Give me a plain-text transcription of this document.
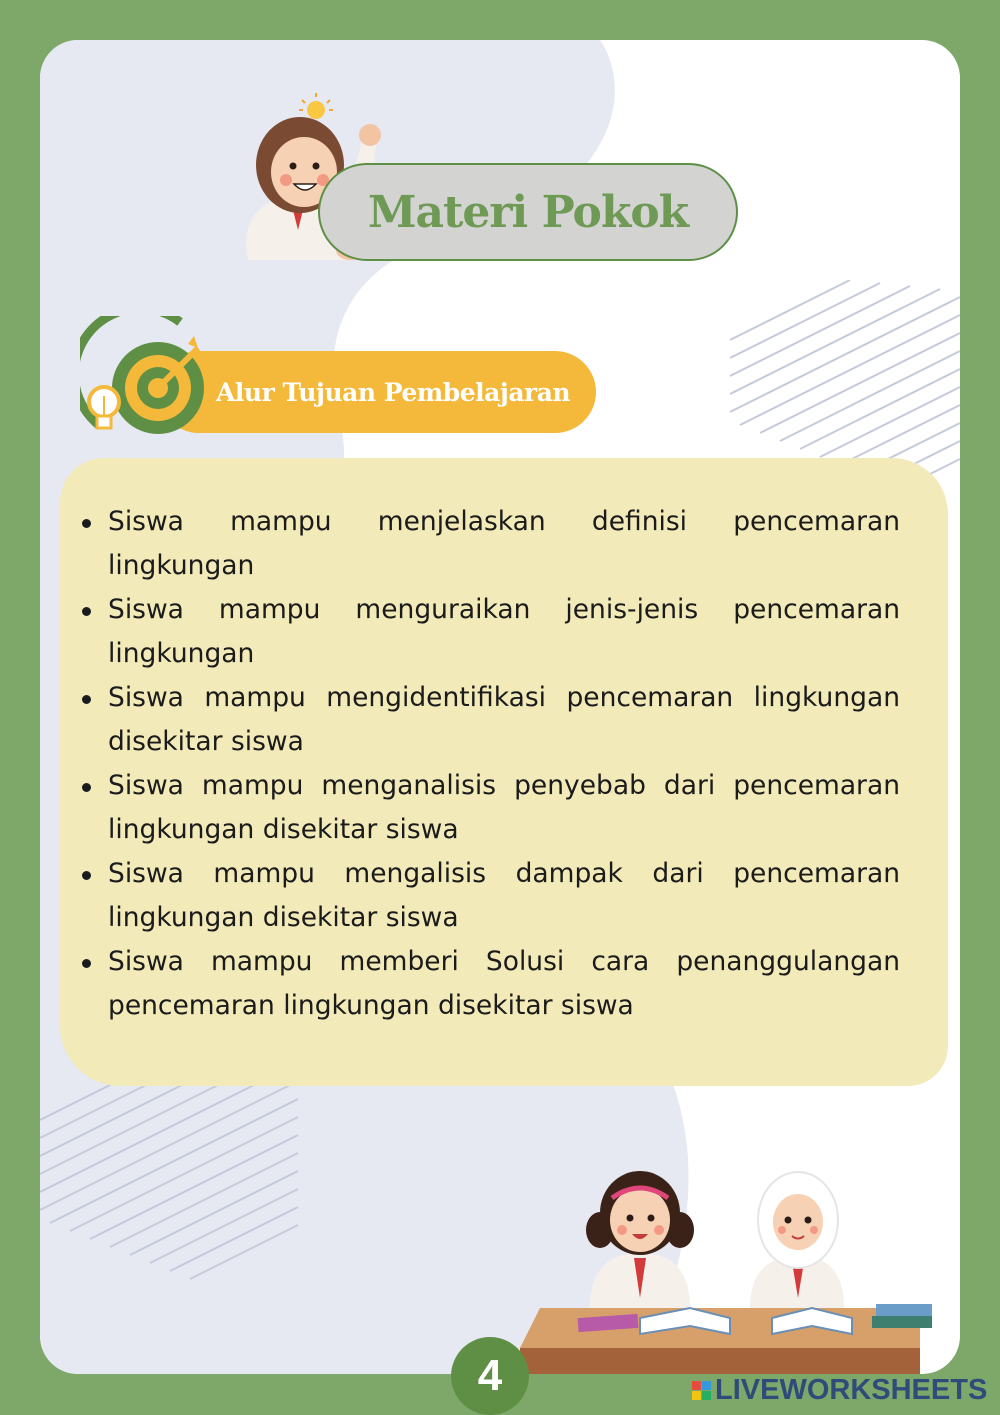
Materi Pokok
Alur Tujuan Pembelajaran
Siswa mampu menjelaskan definisi pencemaran lingkungan
Siswa mampu menguraikan jenis-jenis pencemaran lingkungan
Siswa mampu mengidentifikasi pencemaran lingkungan disekitar siswa
Siswa mampu menganalisis penyebab dari pencemaran lingkungan disekitar siswa
Siswa mampu mengalisis dampak dari pencemaran lingkungan disekitar siswa
Siswa mampu memberi Solusi cara penanggulangan pencemaran lingkungan disekitar siswa
4	LIVEWORKSHEETS
